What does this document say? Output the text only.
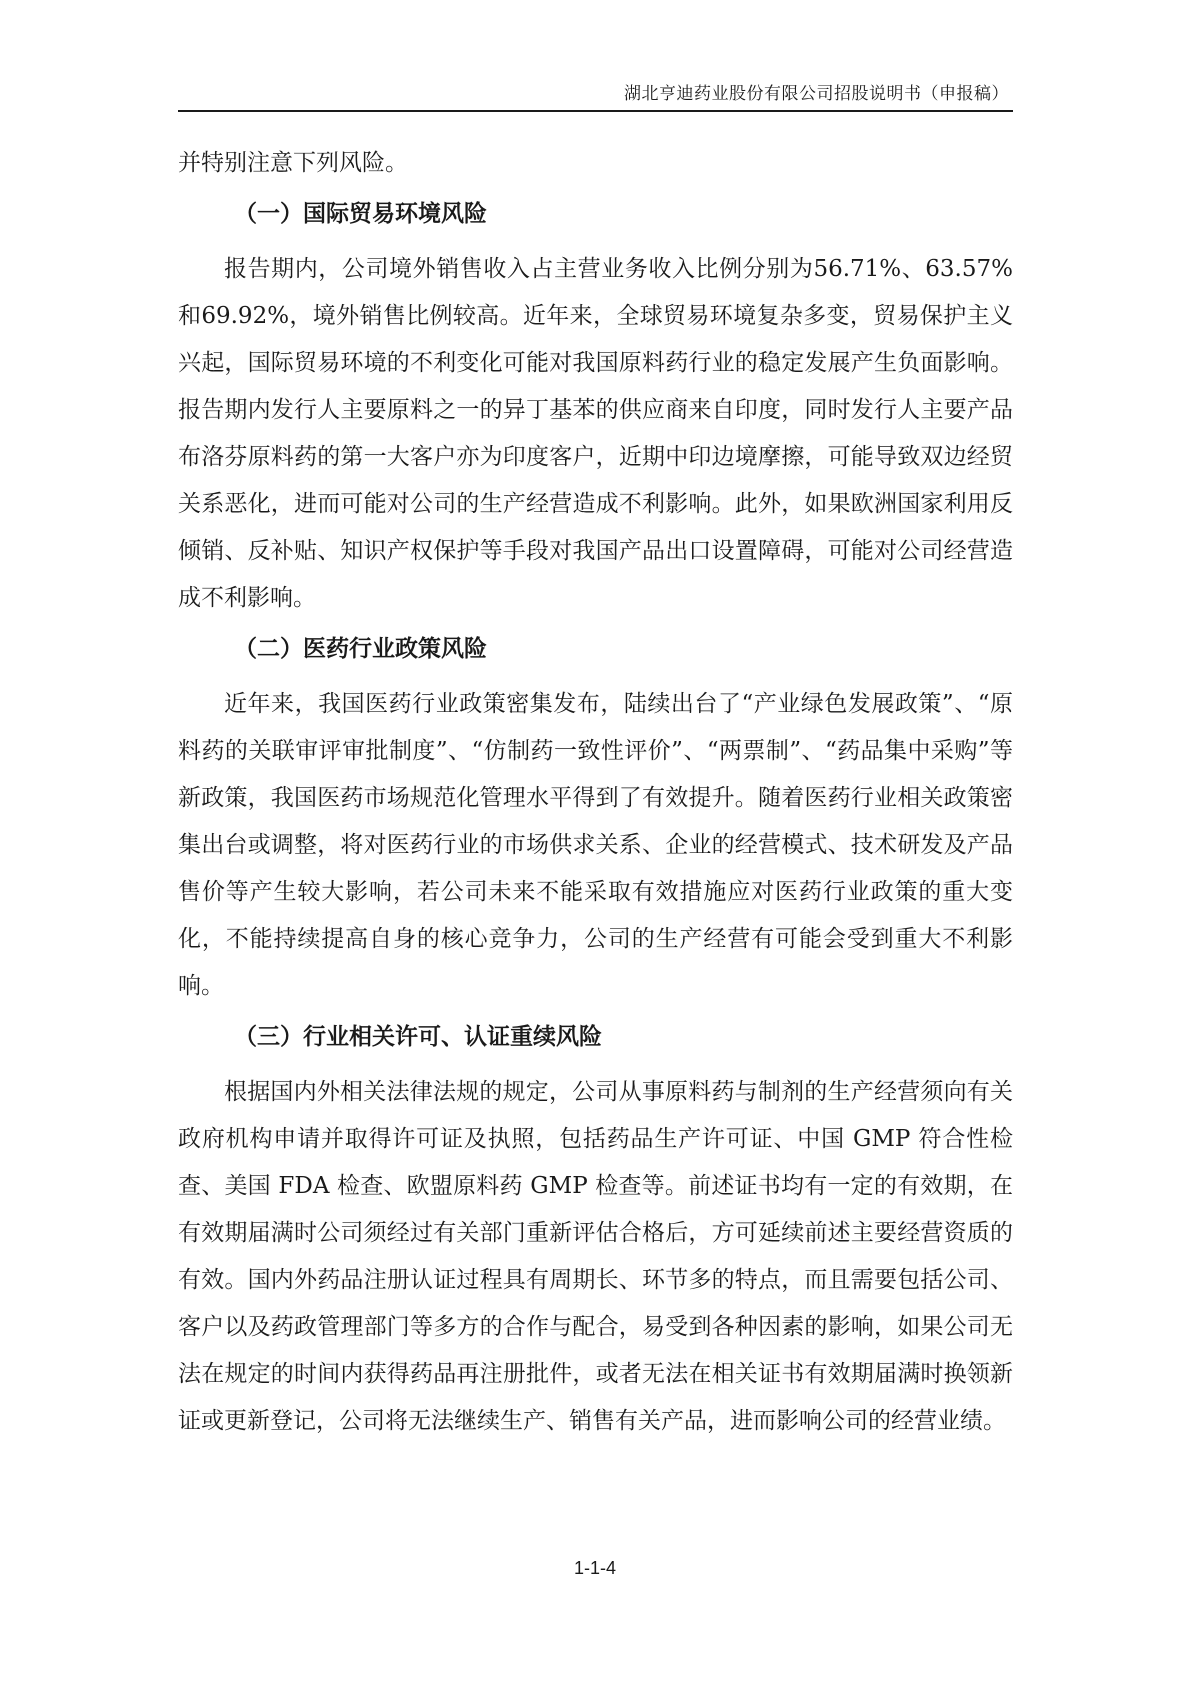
湖北亨迪药业股份有限公司招股说明书（申报稿）

并特别注意下列风险。

（一）国际贸易环境风险

报告期内，公司境外销售收入占主营业务收入比例分别为56.71%、63.57%和69.92%，境外销售比例较高。近年来，全球贸易环境复杂多变，贸易保护主义兴起，国际贸易环境的不利变化可能对我国原料药行业的稳定发展产生负面影响。报告期内发行人主要原料之一的异丁基苯的供应商来自印度，同时发行人主要产品布洛芬原料药的第一大客户亦为印度客户，近期中印边境摩擦，可能导致双边经贸关系恶化，进而可能对公司的生产经营造成不利影响。此外，如果欧洲国家利用反倾销、反补贴、知识产权保护等手段对我国产品出口设置障碍，可能对公司经营造成不利影响。

（二）医药行业政策风险

近年来，我国医药行业政策密集发布，陆续出台了“产业绿色发展政策”、“原料药的关联审评审批制度”、“仿制药一致性评价”、“两票制”、“药品集中采购”等新政策，我国医药市场规范化管理水平得到了有效提升。随着医药行业相关政策密集出台或调整，将对医药行业的市场供求关系、企业的经营模式、技术研发及产品售价等产生较大影响，若公司未来不能采取有效措施应对医药行业政策的重大变化，不能持续提高自身的核心竞争力，公司的生产经营有可能会受到重大不利影响。

（三）行业相关许可、认证重续风险

根据国内外相关法律法规的规定，公司从事原料药与制剂的生产经营须向有关政府机构申请并取得许可证及执照，包括药品生产许可证、中国 GMP 符合性检查、美国 FDA 检查、欧盟原料药 GMP 检查等。前述证书均有一定的有效期，在有效期届满时公司须经过有关部门重新评估合格后，方可延续前述主要经营资质的有效。国内外药品注册认证过程具有周期长、环节多的特点，而且需要包括公司、客户以及药政管理部门等多方的合作与配合，易受到各种因素的影响，如果公司无法在规定的时间内获得药品再注册批件，或者无法在相关证书有效期届满时换领新证或更新登记，公司将无法继续生产、销售有关产品，进而影响公司的经营业绩。

1-1-4
